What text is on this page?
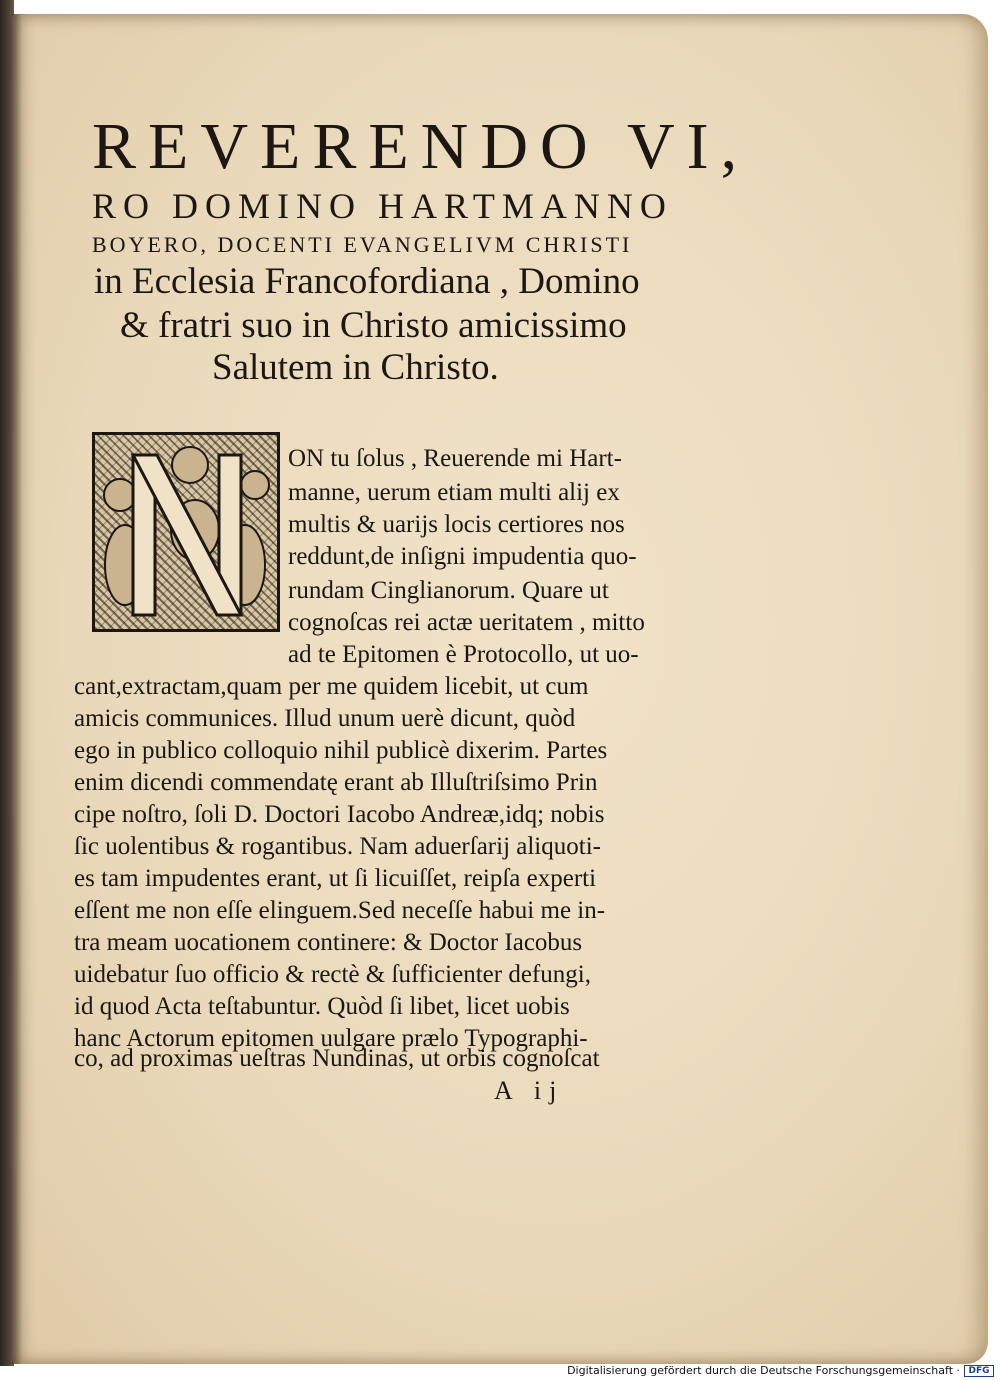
REVERENDO VI,
RO DOMINO HARTMANNO
BOYERO, DOCENTI EVANGELIVM CHRISTI
in Ecclesia Francofordiana , Domino
& fratri suo in Christo amicissimo
Salutem in Christo.
ON tu ſolus , Reuerende mi Hart-
manne, uerum etiam multi alij ex
multis & uarijs locis certiores nos
reddunt,de inſigni impudentia quo-
rundam Cinglianorum. Quare ut
cognoſcas rei actæ ueritatem , mitto
ad te Epitomen è Protocollo, ut uo-
cant,extractam,quam per me quidem licebit, ut cum
amicis communices. Illud unum uerè dicunt, quòd
ego in publico colloquio nihil publicè dixerim. Partes
enim dicendi commendatę erant ab Illuſtriſsimo Prin
cipe noſtro, ſoli D. Doctori Iacobo Andreæ,idq; nobis
ſic uolentibus & rogantibus. Nam aduerſarij aliquoti-
es tam impudentes erant, ut ſi licuiſſet, reipſa experti
eſſent me non eſſe elinguem.Sed neceſſe habui me in-
tra meam uocationem continere: & Doctor Iacobus
uidebatur ſuo officio & rectè & ſufficienter defungi,
id quod Acta teſtabuntur. Quòd ſi libet, licet uobis
hanc Actorum epitomen uulgare prælo Typographi-
co, ad proximas ueſtras Nundinas, ut orbis cognoſcat
A ij
Digitalisierung gefördert durch die Deutsche Forschungsgemeinschaft · DFG
